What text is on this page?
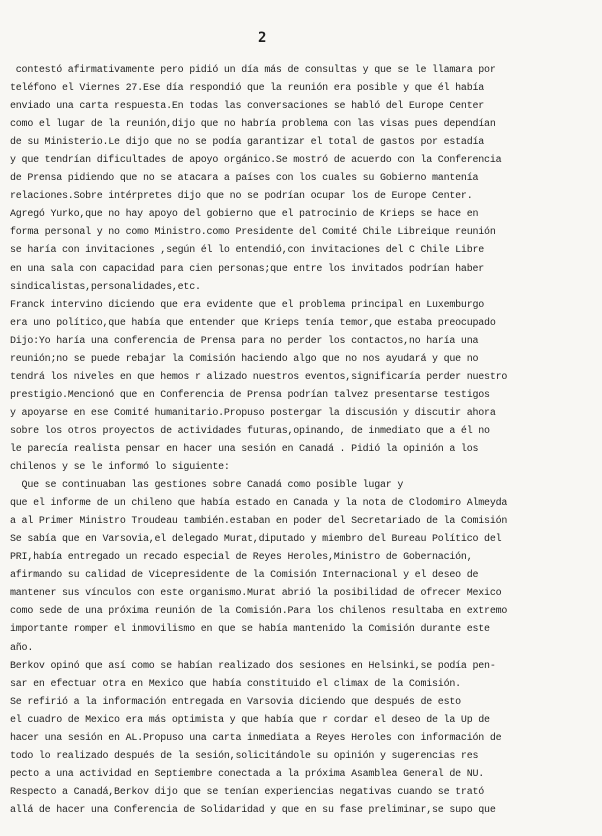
2
contestó afirmativamente pero pidió un día más de consultas y que se le llamara por
teléfono el Viernes 27.Ese día respondió que la reunión era posible y que él había
enviado una carta respuesta.En todas las conversaciones se habló del Europe Center
como el lugar de la reunión,dijo que no habría problema con las visas pues dependían
de su Ministerio.Le dijo que no se podía garantizar el total de gastos por estadía
y que tendrían dificultades de apoyo orgánico.Se mostró de acuerdo con la Conferencia
de Prensa pidiendo que no se atacara a países con los cuales su Gobierno mantenía
relaciones.Sobre intérpretes dijo que no se podrían ocupar los de Europe Center.
Agregó Yurko,que no hay apoyo del gobierno que el patrocinio de Krieps se hace en
forma personal y no como Ministro.como Presidente del Comité Chile Libreique reunión
se haría con invitaciones ,según él lo entendió,con invitaciones del C Chile Libre
en una sala con capacidad para cien personas;que entre los invitados podrían haber
sindicalistas,personalidades,etc.
Franck intervino diciendo que era evidente que el problema principal en Luxemburgo
era uno político,que había que entender que Krieps tenía temor,que estaba preocupado
Dijo:Yo haría una conferencia de Prensa para no perder los contactos,no haría una
reunión;no se puede rebajar la Comisión haciendo algo que no nos ayudará y que no
tendrá los niveles en que hemos r alizado nuestros eventos,significaría perder nuestro
prestigio.Mencionó que en Conferencia de Prensa podrían talvez presentarse testigos
y apoyarse en ese Comité humanitario.Propuso postergar la discusión y discutir ahora
sobre los otros proyectos de actividades futuras,opinando, de inmediato que a él no
le parecía realista pensar en hacer una sesión en Canadá . Pidió la opinión a los
chilenos y se le informó lo siguiente:
Que se continuaban las gestiones sobre Canadá como posible lugar y
que el informe de un chileno que había estado en Canada y la nota de Clodomiro Almeyda
a al Primer Ministro Troudeau también.estaban en poder del Secretariado de la Comisión
Se sabía que en Varsovia,el delegado Murat,diputado y miembro del Bureau Político del
PRI,había entregado un recado especial de Reyes Heroles,Ministro de Gobernación,
afirmando su calidad de Vicepresidente de la Comisión Internacional y el deseo de
mantener sus vínculos con este organismo.Murat abrió la posibilidad de ofrecer Mexico
como sede de una próxima reunión de la Comisión.Para los chilenos resultaba en extremo
importante romper el inmovilismo en que se había mantenido la Comisión durante este
año.
Berkov opinó que así como se habían realizado dos sesiones en Helsinki,se podía pen-
sar en efectuar otra en Mexico que había constituido el climax de la Comisión.
Se refirió a la información entregada en Varsovia diciendo que después de esto
el cuadro de Mexico era más optimista y que había que r cordar el deseo de la Up de
hacer una sesión en AL.Propuso una carta inmediata a Reyes Heroles con información de
todo lo realizado después de la sesión,solicitándole su opinión y sugerencias res
pecto a una actividad en Septiembre conectada a la próxima Asamblea General de NU.
Respecto a Canadá,Berkov dijo que se tenían experiencias negativas cuando se trató
allá de hacer una Conferencia de Solidaridad y que en su fase preliminar,se supo que
